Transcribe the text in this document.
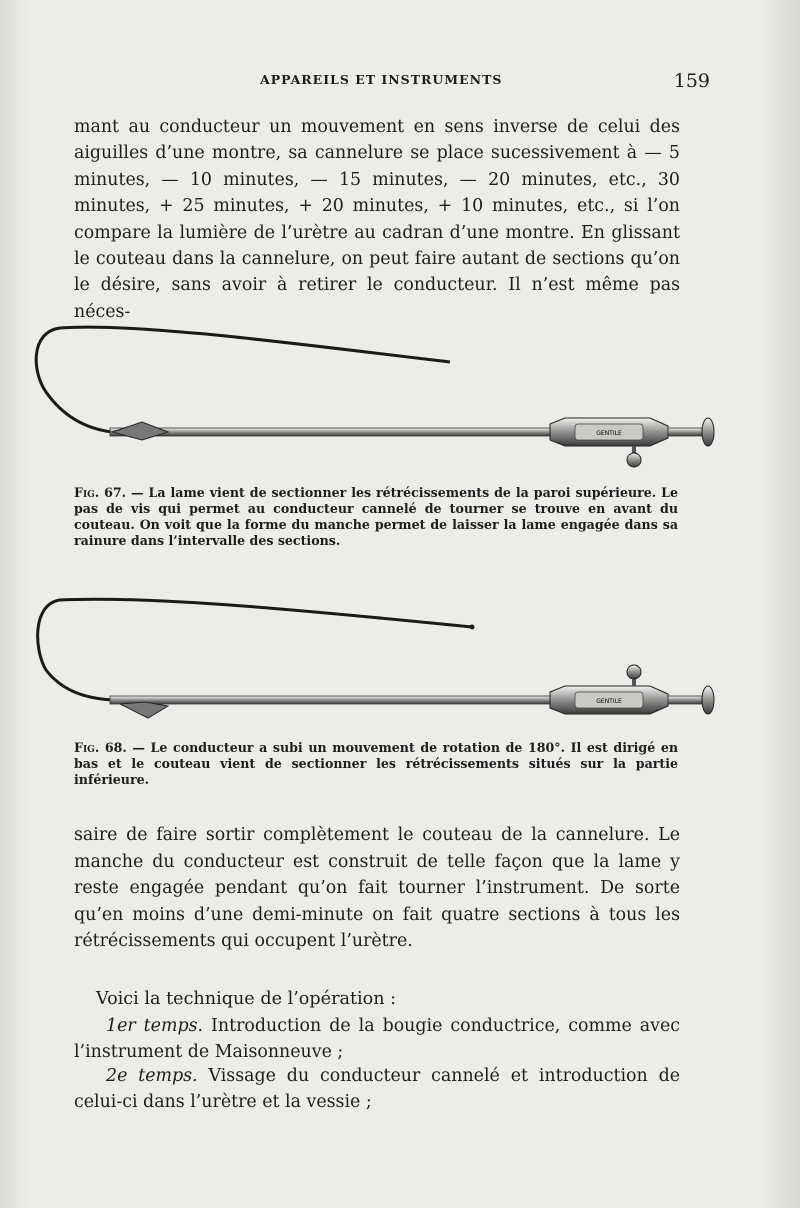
APPAREILS ET INSTRUMENTS	159

mant au conducteur un mouvement en sens inverse de celui des aiguilles d’une montre, sa cannelure se place sucessivement à — 5 minutes, — 10 minutes, — 15 minutes, — 20 minutes, etc., 30 minutes, + 25 minutes, + 20 minutes, + 10 minutes, etc., si l’on compare la lumière de l’urètre au cadran d’une montre. En glissant le couteau dans la cannelure, on peut faire autant de sections qu’on le désire, sans avoir à retirer le conducteur. Il n’est même pas néces-

GENTILE

Fig. 67. — La lame vient de sectionner les rétrécissements de la paroi supérieure. Le pas de vis qui permet au conducteur cannelé de tourner se trouve en avant du couteau. On voit que la forme du manche permet de laisser la lame engagée dans sa rainure dans l’intervalle des sections.

GENTILE

Fig. 68. — Le conducteur a subi un mouvement de rotation de 180°. Il est dirigé en bas et le couteau vient de sectionner les rétrécissements situés sur la partie inférieure.

saire de faire sortir complètement le couteau de la cannelure. Le manche du conducteur est construit de telle façon que la lame y reste engagée pendant qu’on fait tourner l’instrument. De sorte qu’en moins d’une demi-minute on fait quatre sections à tous les rétrécissements qui occupent l’urètre.

Voici la technique de l’opération :

1er temps. Introduction de la bougie conductrice, comme avec l’instrument de Maisonneuve ;

2e temps. Vissage du conducteur cannelé et introduction de celui-ci dans l’urètre et la vessie ;
